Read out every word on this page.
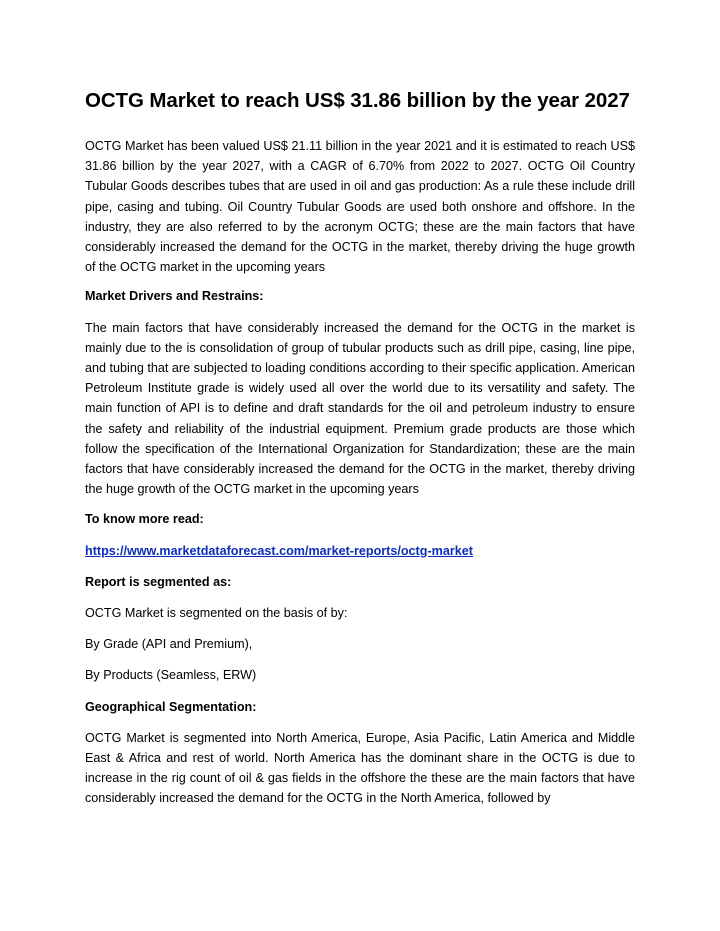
OCTG Market to reach US$ 31.86 billion by the year 2027

OCTG Market has been valued US$ 21.11 billion in the year 2021 and it is estimated to reach US$ 31.86 billion by the year 2027, with a CAGR of 6.70% from 2022 to 2027. OCTG Oil Country Tubular Goods describes tubes that are used in oil and gas production: As a rule these include drill pipe, casing and tubing. Oil Country Tubular Goods are used both onshore and offshore. In the industry, they are also referred to by the acronym OCTG; these are the main factors that have considerably increased the demand for the OCTG in the market, thereby driving the huge growth of the OCTG market in the upcoming years

Market Drivers and Restrains:

The main factors that have considerably increased the demand for the OCTG in the market is mainly due to the is consolidation of group of tubular products such as drill pipe, casing, line pipe, and tubing that are subjected to loading conditions according to their specific application. American Petroleum Institute grade is widely used all over the world due to its versatility and safety. The main function of API is to define and draft standards for the oil and petroleum industry to ensure the safety and reliability of the industrial equipment. Premium grade products are those which follow the specification of the International Organization for Standardization; these are the main factors that have considerably increased the demand for the OCTG in the market, thereby driving the huge growth of the OCTG market in the upcoming years

To know more read:

https://www.marketdataforecast.com/market-reports/octg-market

Report is segmented as:

OCTG Market is segmented on the basis of by:

By Grade (API and Premium),

By Products (Seamless, ERW)

Geographical Segmentation:

OCTG Market is segmented into North America, Europe, Asia Pacific, Latin America and Middle East & Africa and rest of world. North America has the dominant share in the OCTG is due to increase in the rig count of oil & gas fields in the offshore the these are the main factors that have considerably increased the demand for the OCTG in the North America, followed by
